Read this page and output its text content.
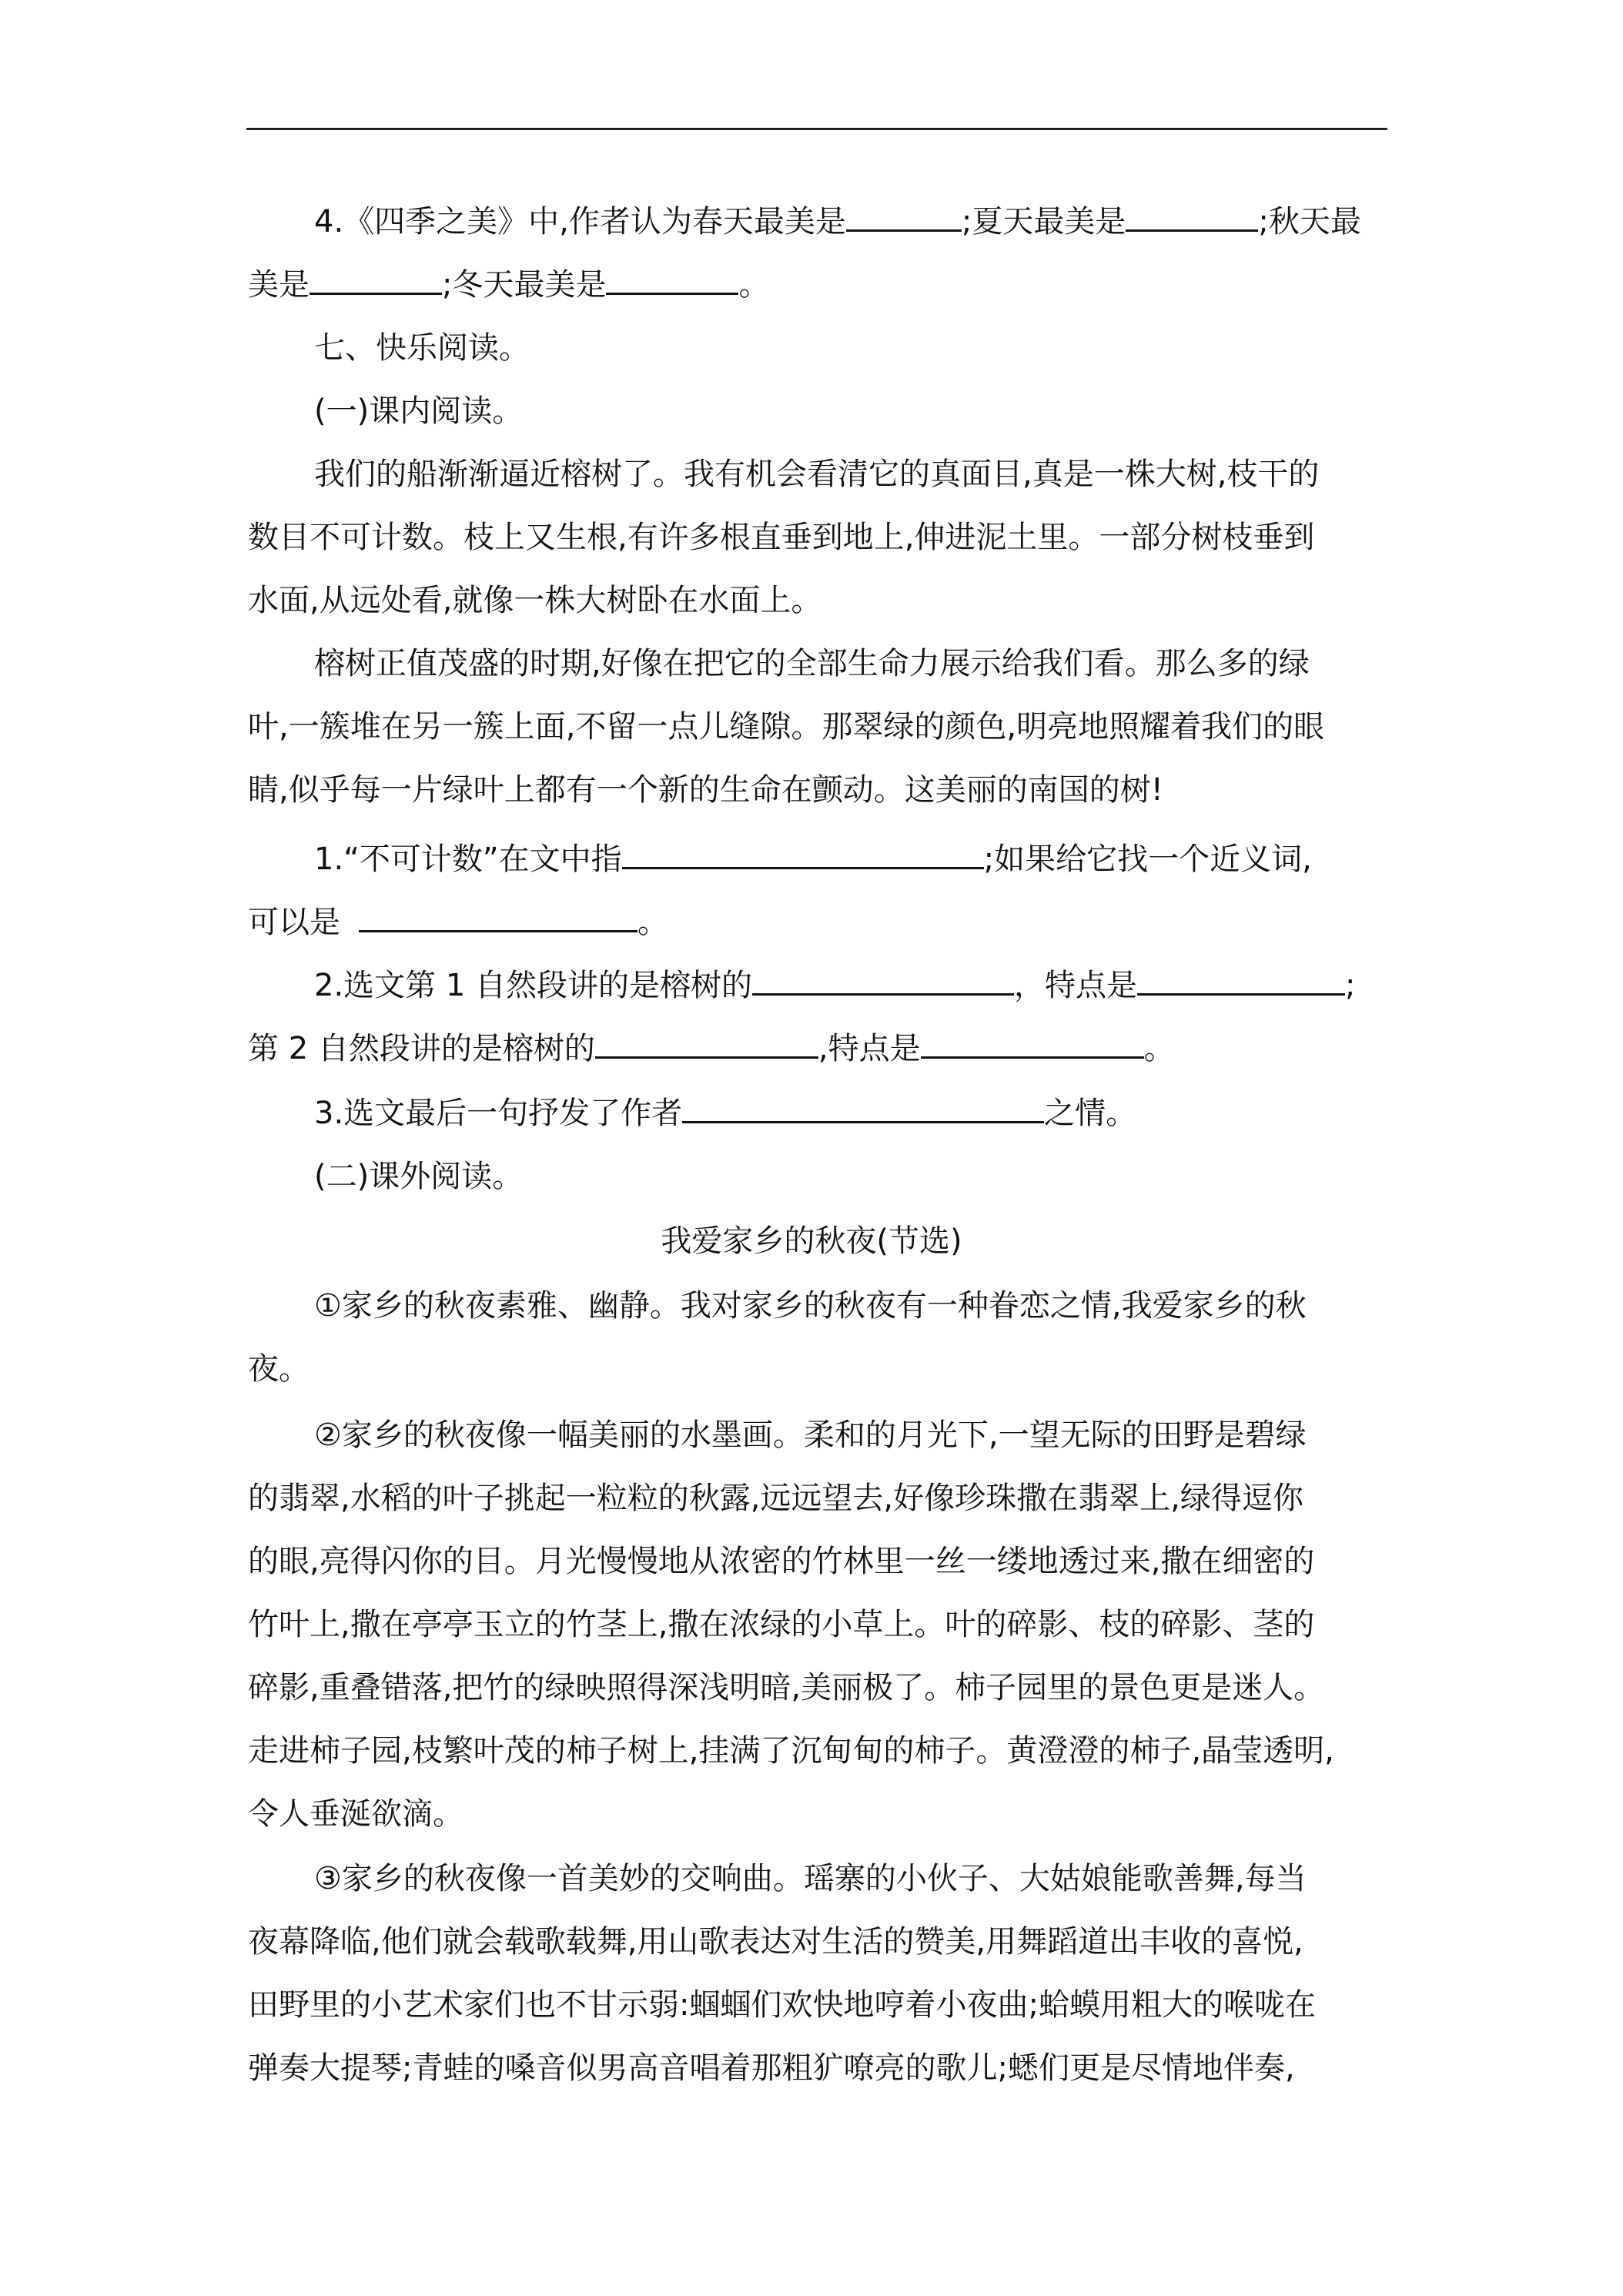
4.《四季之美》中,作者认为春天最美是	;夏天最美是	;秋天最
美是	;冬天最美是	。
七、快乐阅读。
(一)课内阅读。
我们的船渐渐逼近榕树了。我有机会看清它的真面目,真是一株大树,枝干的
数目不可计数。枝上又生根,有许多根直垂到地上,伸进泥土里。一部分树枝垂到
水面,从远处看,就像一株大树卧在水面上。
榕树正值茂盛的时期,好像在把它的全部生命力展示给我们看。那么多的绿
叶,一簇堆在另一簇上面,不留一点儿缝隙。那翠绿的颜色,明亮地照耀着我们的眼
睛,似乎每一片绿叶上都有一个新的生命在颤动。这美丽的南国的树!
1.“不可计数”在文中指	;如果给它找一个近义词,
可以是	。
2.选文第 1 自然段讲的是榕树的	，特点是	;
第 2 自然段讲的是榕树的	,特点是	。
3.选文最后一句抒发了作者	之情。
(二)课外阅读。
我爱家乡的秋夜(节选)
①家乡的秋夜素雅、幽静。我对家乡的秋夜有一种眷恋之情,我爱家乡的秋
夜。
②家乡的秋夜像一幅美丽的水墨画。柔和的月光下,一望无际的田野是碧绿
的翡翠,水稻的叶子挑起一粒粒的秋露,远远望去,好像珍珠撒在翡翠上,绿得逗你
的眼,亮得闪你的目。月光慢慢地从浓密的竹林里一丝一缕地透过来,撒在细密的
竹叶上,撒在亭亭玉立的竹茎上,撒在浓绿的小草上。叶的碎影、枝的碎影、茎的
碎影,重叠错落,把竹的绿映照得深浅明暗,美丽极了。柿子园里的景色更是迷人。
走进柿子园,枝繁叶茂的柿子树上,挂满了沉甸甸的柿子。黄澄澄的柿子,晶莹透明,
令人垂涎欲滴。
③家乡的秋夜像一首美妙的交响曲。瑶寨的小伙子、大姑娘能歌善舞,每当
夜幕降临,他们就会载歌载舞,用山歌表达对生活的赞美,用舞蹈道出丰收的喜悦,
田野里的小艺术家们也不甘示弱:蝈蝈们欢快地哼着小夜曲;蛤蟆用粗大的喉咙在
弹奏大提琴;青蛙的嗓音似男高音唱着那粗犷嘹亮的歌儿;蟋们更是尽情地伴奏,
